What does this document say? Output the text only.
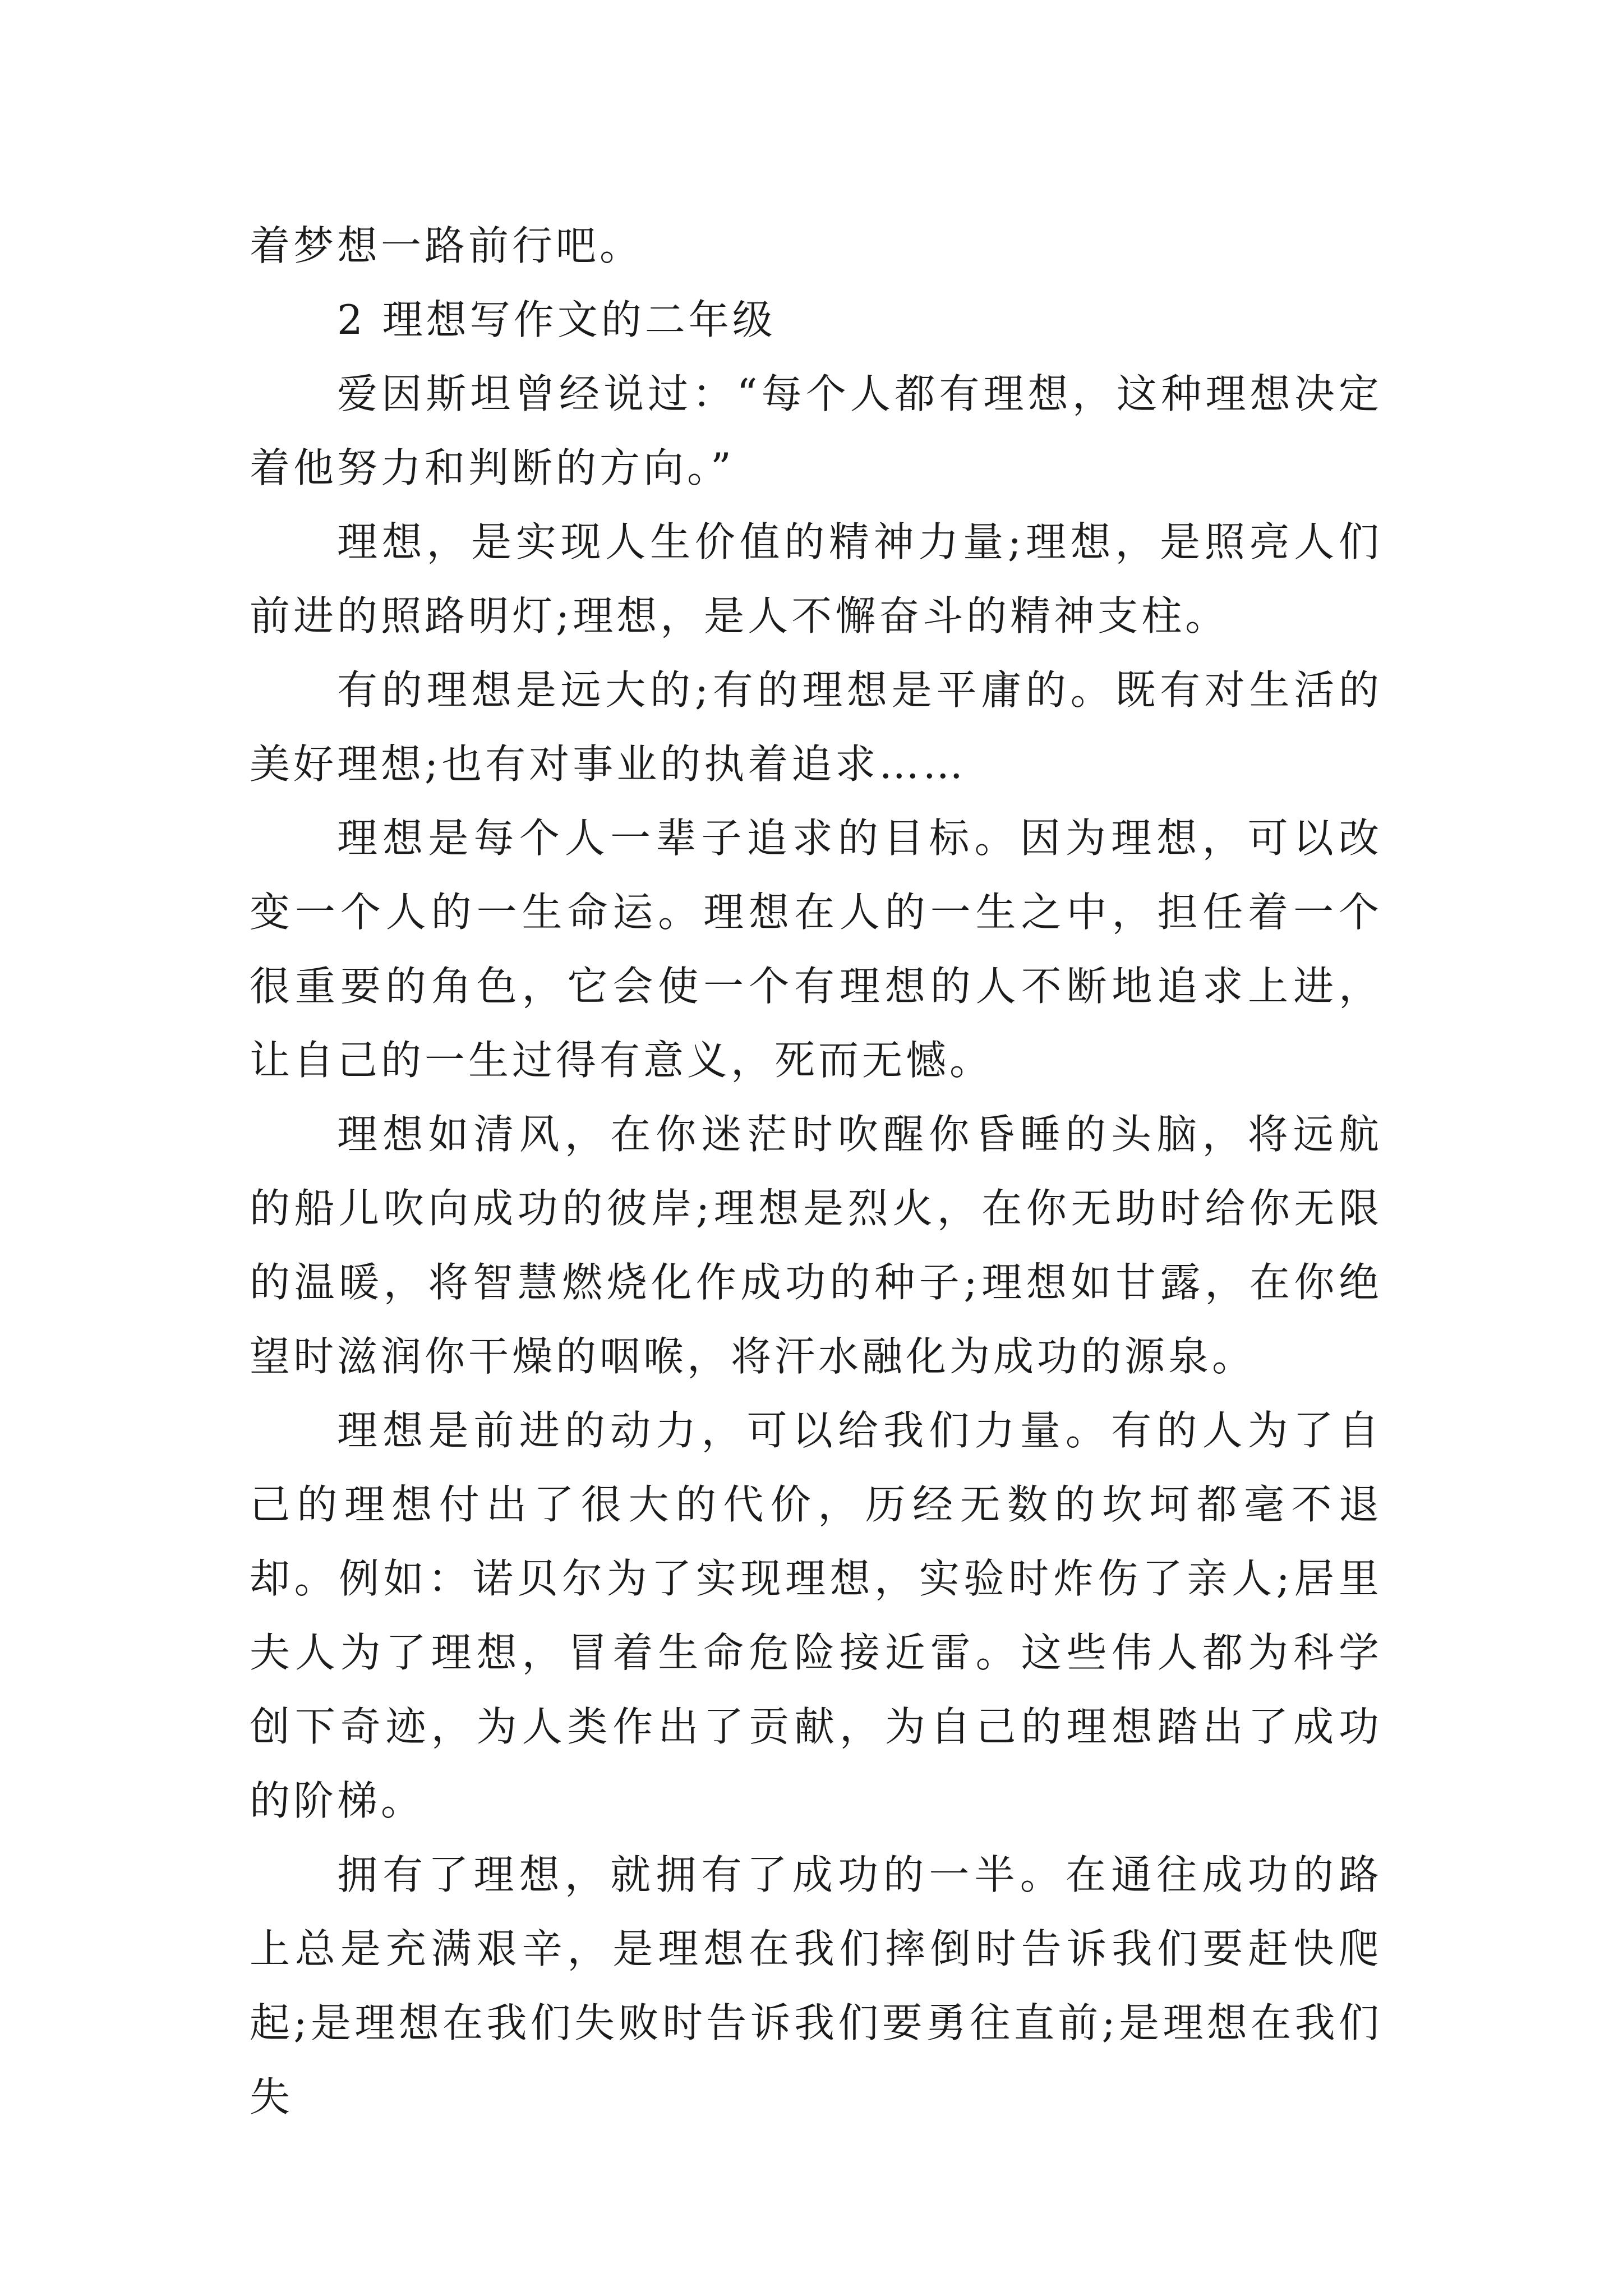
着梦想一路前行吧。

2 理想写作文的二年级

爱因斯坦曾经说过：“每个人都有理想，这种理想决定着他努力和判断的方向。”

理想，是实现人生价值的精神力量;理想，是照亮人们前进的照路明灯;理想，是人不懈奋斗的精神支柱。

有的理想是远大的;有的理想是平庸的。既有对生活的美好理想;也有对事业的执着追求……

理想是每个人一辈子追求的目标。因为理想，可以改变一个人的一生命运。理想在人的一生之中，担任着一个很重要的角色，它会使一个有理想的人不断地追求上进，让自己的一生过得有意义，死而无憾。

理想如清风，在你迷茫时吹醒你昏睡的头脑，将远航的船儿吹向成功的彼岸;理想是烈火，在你无助时给你无限的温暖，将智慧燃烧化作成功的种子;理想如甘露，在你绝望时滋润你干燥的咽喉，将汗水融化为成功的源泉。

理想是前进的动力，可以给我们力量。有的人为了自己的理想付出了很大的代价，历经无数的坎坷都毫不退却。例如：诺贝尔为了实现理想，实验时炸伤了亲人;居里夫人为了理想，冒着生命危险接近雷。这些伟人都为科学创下奇迹，为人类作出了贡献，为自己的理想踏出了成功的阶梯。

拥有了理想，就拥有了成功的一半。在通往成功的路上总是充满艰辛，是理想在我们摔倒时告诉我们要赶快爬起;是理想在我们失败时告诉我们要勇往直前;是理想在我们失
